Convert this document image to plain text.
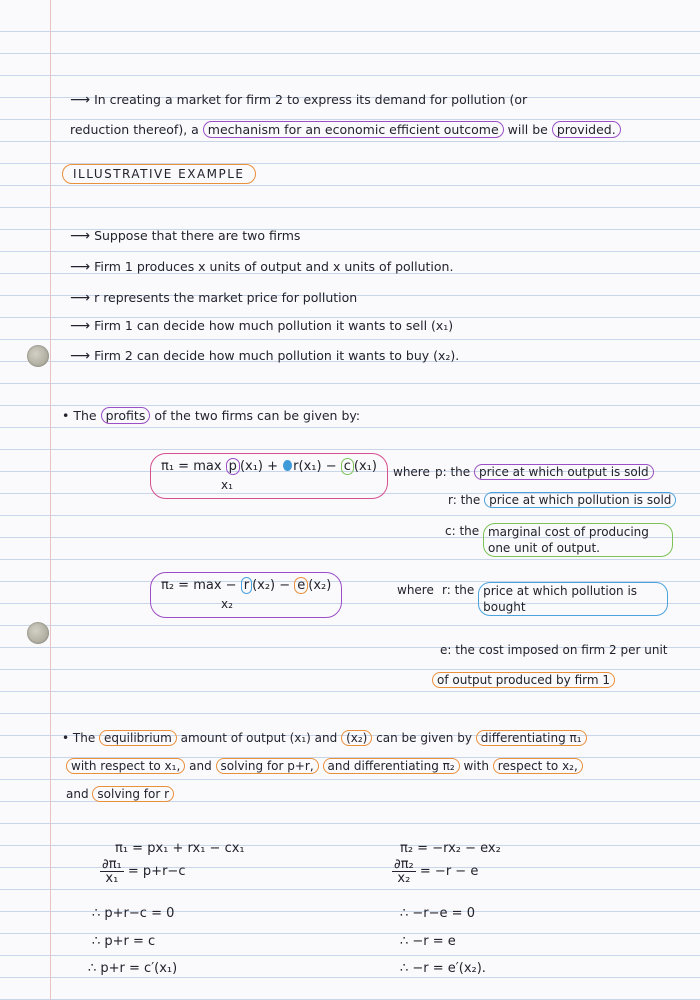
⟶ In creating a market for firm 2 to express its demand for pollution (or
reduction thereof), a mechanism for an economic efficient outcome will be provided.
ILLUSTRATIVE EXAMPLE
⟶ Suppose that there are two firms
⟶ Firm 1 produces x units of output and x units of pollution.
⟶ r represents the market price for pollution
⟶ Firm 1 can decide how much pollution it wants to sell (x₁)
⟶ Firm 2 can decide how much pollution it wants to buy (x₂).
• The profits of the two firms can be given by:
π₁ = max p (x₁) + r(x₁) − c (x₁)
x₁
where p: the price at which output is sold
r: the price at which pollution is sold
c: the marginal cost of producing one unit of output.
π₂ = max − r (x₂) − e (x₂)
x₂
where r: the price at which pollution is bought
e: the cost imposed on firm 2 per unit
of output produced by firm 1
• The equilibrium amount of output (x₁) and (x₂) can be given by differentiating π₁
with respect to x₁, and solving for p+r, and differentiating π₂ with respect to x₂,
and solving for r
π₁ = px₁ + rx₁ − cx₁
$\frac{\text{∂π₁}}{\text{x₁}} = p+r-c$
∴ p+r−c = 0
∴ p+r = c
∴ p+r = c′(x₁)
π₂ = −rx₂ − ex₂
$\frac{\text{∂π₂}}{\text{x₂}} = -r - e$
∴ −r−e = 0
∴ −r = e
∴ −r = e′(x₂).
